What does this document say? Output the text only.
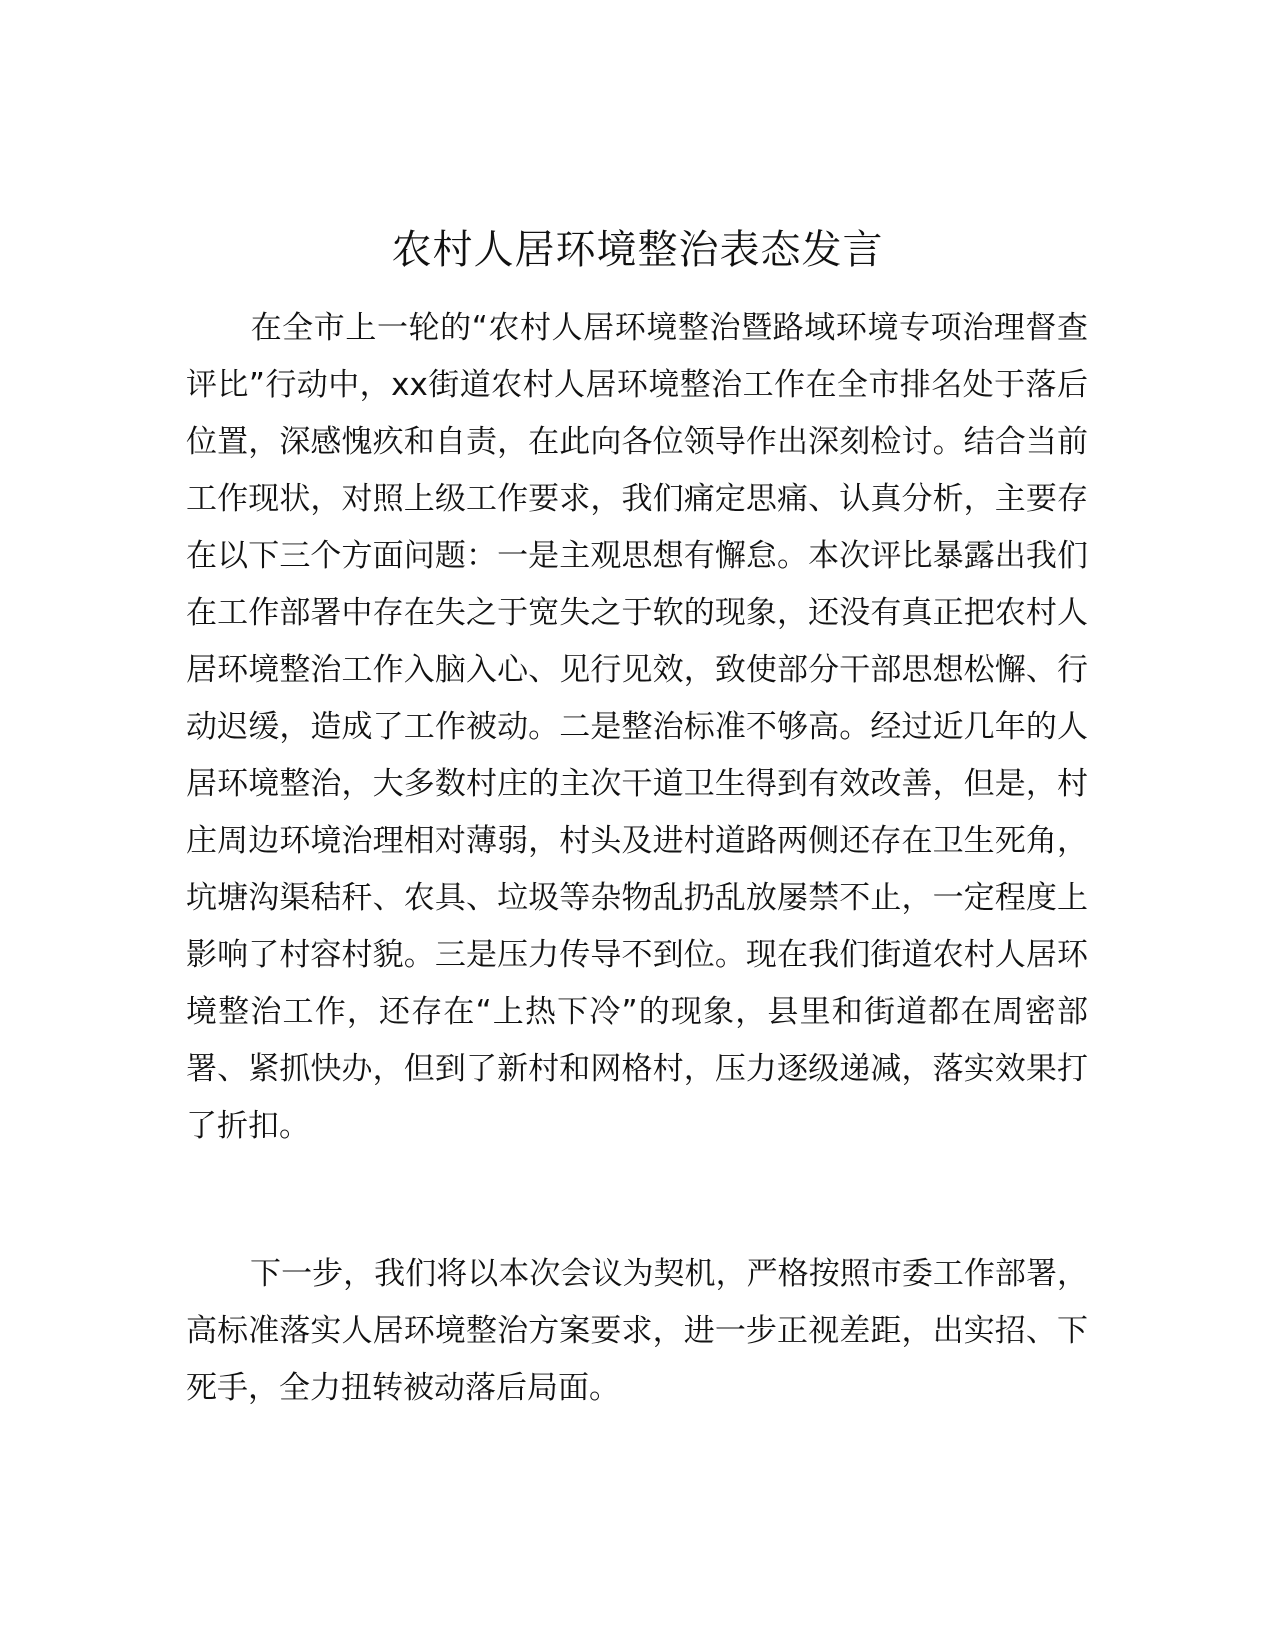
农村人居环境整治表态发言

在全市上一轮的“农村人居环境整治暨路域环境专项治理督查评比”行动中，xx街道农村人居环境整治工作在全市排名处于落后位置，深感愧疚和自责，在此向各位领导作出深刻检讨。结合当前工作现状，对照上级工作要求，我们痛定思痛、认真分析，主要存在以下三个方面问题：一是主观思想有懈怠。本次评比暴露出我们在工作部署中存在失之于宽失之于软的现象，还没有真正把农村人居环境整治工作入脑入心、见行见效，致使部分干部思想松懈、行动迟缓，造成了工作被动。二是整治标准不够高。经过近几年的人居环境整治，大多数村庄的主次干道卫生得到有效改善，但是，村庄周边环境治理相对薄弱，村头及进村道路两侧还存在卫生死角，坑塘沟渠秸秆、农具、垃圾等杂物乱扔乱放屡禁不止，一定程度上影响了村容村貌。三是压力传导不到位。现在我们街道农村人居环境整治工作，还存在“上热下冷”的现象，县里和街道都在周密部署、紧抓快办，但到了新村和网格村，压力逐级递减，落实效果打了折扣。

下一步，我们将以本次会议为契机，严格按照市委工作部署，高标准落实人居环境整治方案要求，进一步正视差距，出实招、下死手，全力扭转被动落后局面。
